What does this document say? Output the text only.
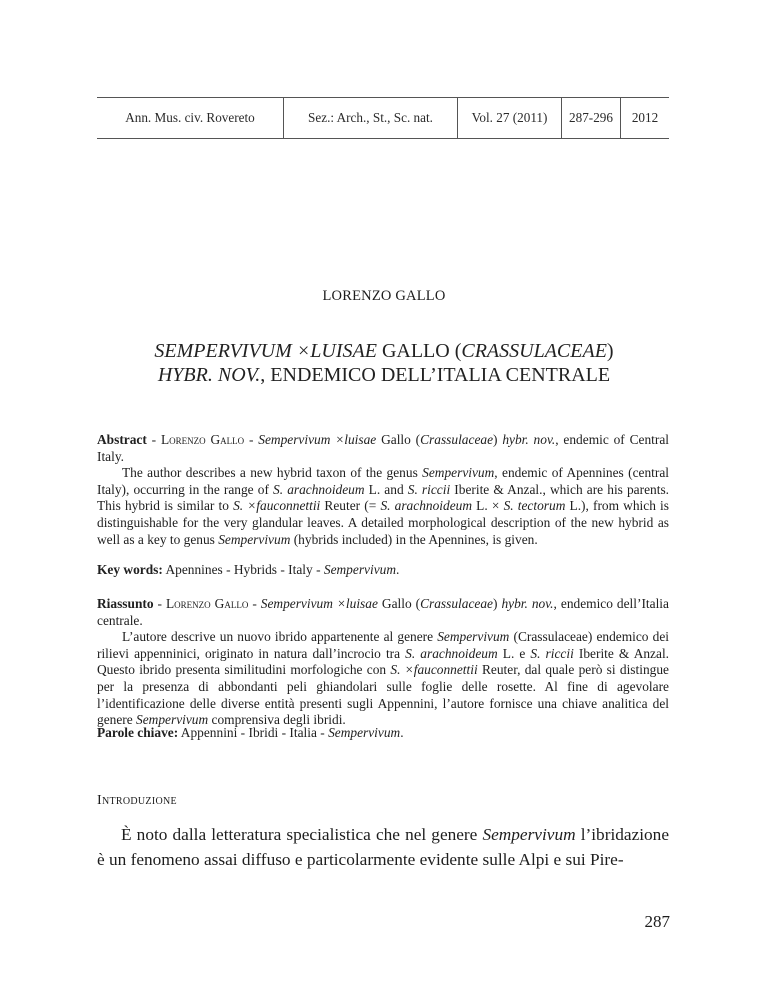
Ann. Mus. civ. Rovereto	Sez.: Arch., St., Sc. nat.	Vol. 27 (2011)	287-296	2012
LORENZO GALLO
SEMPERVIVUM ×LUISAE GALLO (CRASSULACEAE)
HYBR. NOV., ENDEMICO DELL’ITALIA CENTRALE

Abstract - Lorenzo Gallo - Sempervivum ×luisae Gallo (Crassulaceae) hybr. nov., endemic of Central Italy.

The author describes a new hybrid taxon of the genus Sempervivum, endemic of Apennines (central Italy), occurring in the range of S. arachnoideum L. and S. riccii Iberite & Anzal., which are his parents. This hybrid is similar to S. ×fauconnettii Reuter (= S. arachnoideum L. × S. tectorum L.), from which is distinguishable for the very glandular leaves. A detailed morphological description of the new hybrid as well as a key to genus Sempervivum (hybrids included) in the Apennines, is given.

Key words: Apennines - Hybrids - Italy - Sempervivum.

Riassunto - Lorenzo Gallo - Sempervivum ×luisae Gallo (Crassulaceae) hybr. nov., endemico dell’Italia centrale.

L’autore descrive un nuovo ibrido appartenente al genere Sempervivum (Crassulaceae) endemico dei rilievi appenninici, originato in natura dall’incrocio tra S. arachnoideum L. e S. riccii Iberite & Anzal. Questo ibrido presenta similitudini morfologiche con S. ×fauconnettii Reuter, dal quale però si distingue per la presenza di abbondanti peli ghiandolari sulle foglie delle rosette. Al fine di agevolare l’identificazione delle diverse entità presenti sugli Appennini, l’autore fornisce una chiave analitica del genere Sempervivum comprensiva degli ibridi.

Parole chiave: Appennini - Ibridi - Italia - Sempervivum.

Introduzione

È noto dalla letteratura specialistica che nel genere Sempervivum l’ibridazione è un fenomeno assai diffuso e particolarmente evidente sulle Alpi e sui Pire-

287
